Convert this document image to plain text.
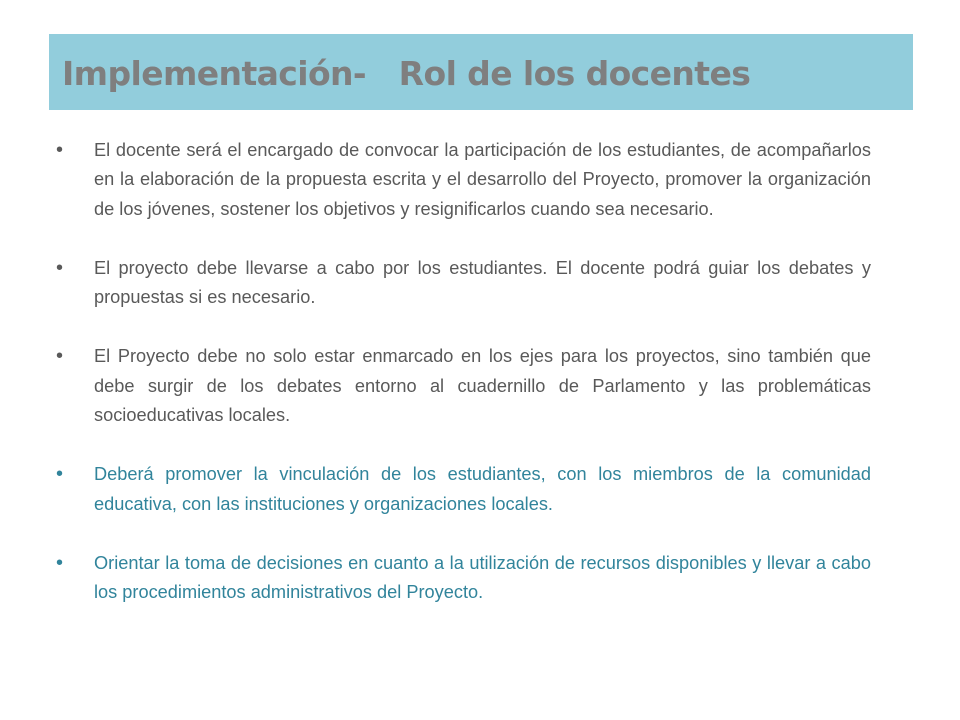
Implementación-   Rol de los docentes
•	El docente será el encargado de convocar la participación de los estudiantes, de acompañarlos en la elaboración de la propuesta escrita y el desarrollo del Proyecto, promover la organización de los jóvenes, sostener los objetivos y resignificarlos cuando sea necesario.
•	El proyecto debe llevarse a cabo por los estudiantes. El docente podrá guiar los debates y propuestas si es necesario.
•	El Proyecto debe no solo estar enmarcado en los ejes para los proyectos, sino también que debe surgir de los debates entorno al cuadernillo de Parlamento y las problemáticas socioeducativas locales.
•	Deberá promover la vinculación de los estudiantes, con los miembros de la comunidad educativa, con las instituciones y organizaciones locales.
•	Orientar la toma de decisiones en cuanto a la utilización de recursos disponibles y llevar a cabo los procedimientos administrativos del Proyecto.
